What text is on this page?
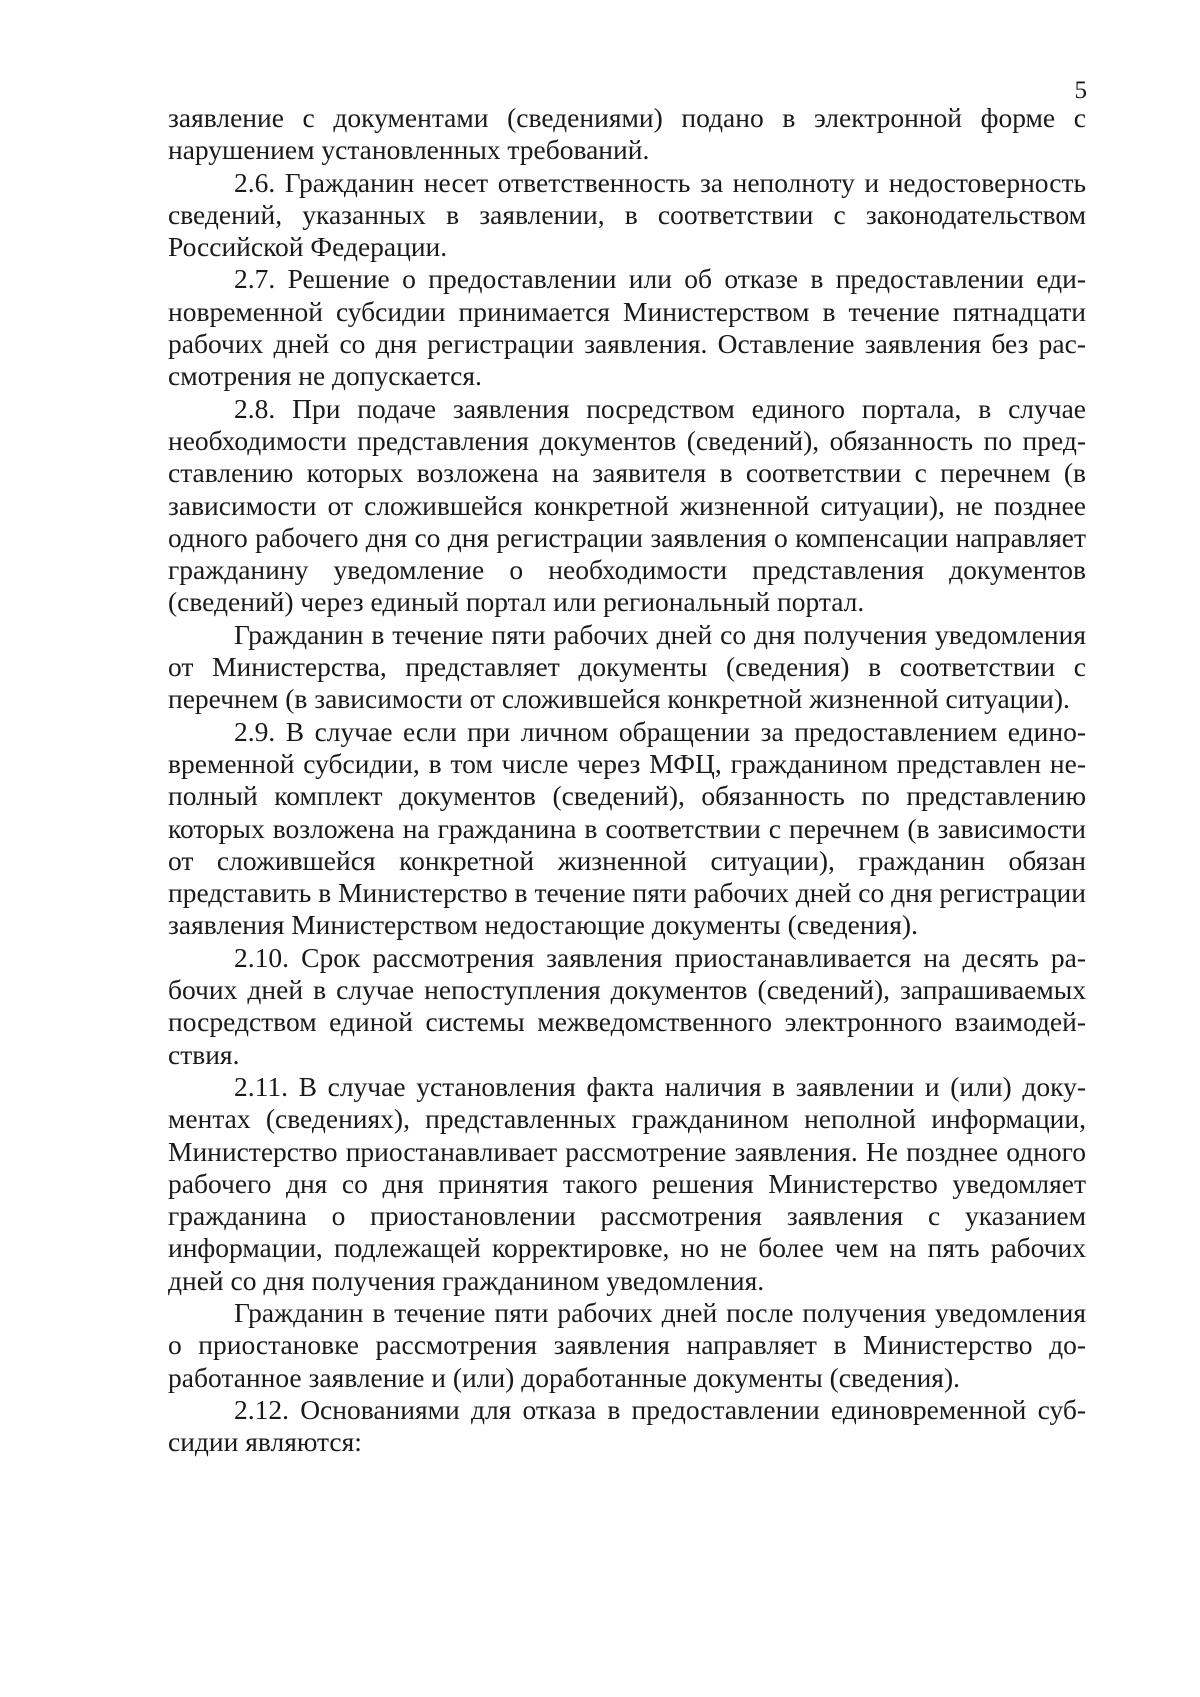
5

заявление с документами (сведениями) подано в электронной форме с нарушением установленных требований.

2.6. Гражданин несет ответственность за неполноту и недостоверность сведений, указанных в заявлении, в соответствии с законодательством Российской Федерации.

2.7. Решение о предоставлении или об отказе в предоставлении единовременной субсидии принимается Министерством в течение пятнадцати рабочих дней со дня регистрации заявления. Оставление заявления без рассмотрения не допускается.

2.8. При подаче заявления посредством единого портала, в случае необходимости представления документов (сведений), обязанность по представлению которых возложена на заявителя в соответствии с перечнем (в зависимости от сложившейся конкретной жизненной ситуации), не позднее одного рабочего дня со дня регистрации заявления о компенсации направляет гражданину уведомление о необходимости представления документов (сведений) через единый портал или региональный портал.

Гражданин в течение пяти рабочих дней со дня получения уведомления от Министерства, представляет документы (сведения) в соответствии с перечнем (в зависимости от сложившейся конкретной жизненной ситуации).

2.9. В случае если при личном обращении за предоставлением единовременной субсидии, в том числе через МФЦ, гражданином представлен неполный комплект документов (сведений), обязанность по представлению которых возложена на гражданина в соответствии с перечнем (в зависимости от сложившейся конкретной жизненной ситуации), гражданин обязан представить в Министерство в течение пяти рабочих дней со дня регистрации заявления Министерством недостающие документы (сведения).

2.10. Срок рассмотрения заявления приостанавливается на десять рабочих дней в случае непоступления документов (сведений), запрашиваемых посредством единой системы межведомственного электронного взаимодействия.

2.11. В случае установления факта наличия в заявлении и (или) документах (сведениях), представленных гражданином неполной информации, Министерство приостанавливает рассмотрение заявления. Не позднее одного рабочего дня со дня принятия такого решения Министерство уведомляет гражданина о приостановлении рассмотрения заявления с указанием информации, подлежащей корректировке, но не более чем на пять рабочих дней со дня получения гражданином уведомления.

Гражданин в течение пяти рабочих дней после получения уведомления о приостановке рассмотрения заявления направляет в Министерство доработанное заявление и (или) доработанные документы (сведения).

2.12. Основаниями для отказа в предоставлении единовременной субсидии являются:
